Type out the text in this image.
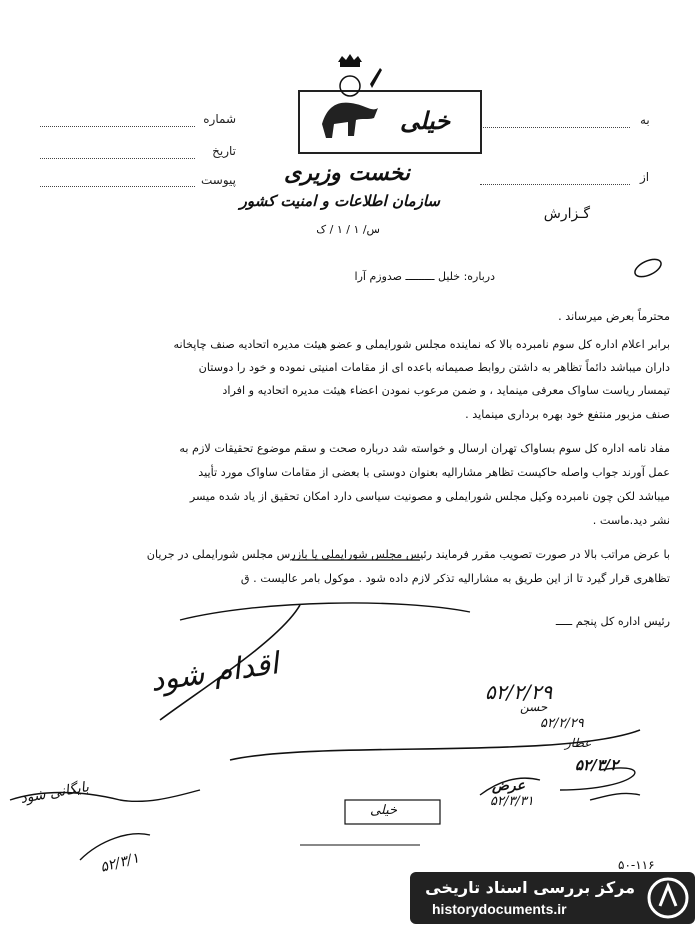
شماره
تاریخ
پیوست
به
از
خیلی
نخست وزیری
سازمان اطلاعات و امنیت کشور
س/ ۱ / ۱ / ک
گـزارش
درباره: خلیل ـــــــــ صدوزم آرا
محترماً بعرض میرساند .
برابر اعلام اداره کل سوم نامبرده بالا که نماینده مجلس شورایملی و عضو هیئت مدیره اتحادیه صنف چاپخانه
داران میباشد دائماً تظاهر به داشتن روابط صمیمانه باعده ای از مقامات امنیتی نموده و خود را دوستان
تیمسار ریاست ساواک معرفی مینماید ، و ضمن مرعوب نمودن اعضاء هیئت مدیره اتحادیه و افراد
صنف مزبور منتفع خود بهره برداری مینماید .
مفاد نامه اداره کل سوم بساواک تهران ارسال و خواسته شد درباره صحت و سقم موضوع تحقیقات لازم به
عمل آورند جواب واصله حاکیست تظاهر مشارالیه بعنوان دوستی با بعضی از مقامات ساواک مورد تأیید
میباشد لکن چون نامبرده وکیل مجلس شورایملی و مصونیت سیاسی دارد امکان تحقیق از یاد شده میسر
نشر دید.ماست .
با عرض مراتب بالا در صورت تصویب مقرر فرمایند رئیس مجلس شورایملی یا بازرس مجلس شورایملی در جریان
تظاهری قرار گیرد تا از این طریق به مشارالیه تذکر لازم داده شود . موکول بامر عالیست . ق
رئیس اداره کل پنجم ـــــ
اقدام شود	۵۲/۲/۲۹
حسن
۵۲/۲/۲۹
عطار
۵۲/۳/۲
عرض
۵۲/۳/۳۱
بایگانی شود
۵۲/۳/۱
خیلی
۵۰-۱۱۶
مرکز بررسی اسناد تاریخی
historydocuments.ir
